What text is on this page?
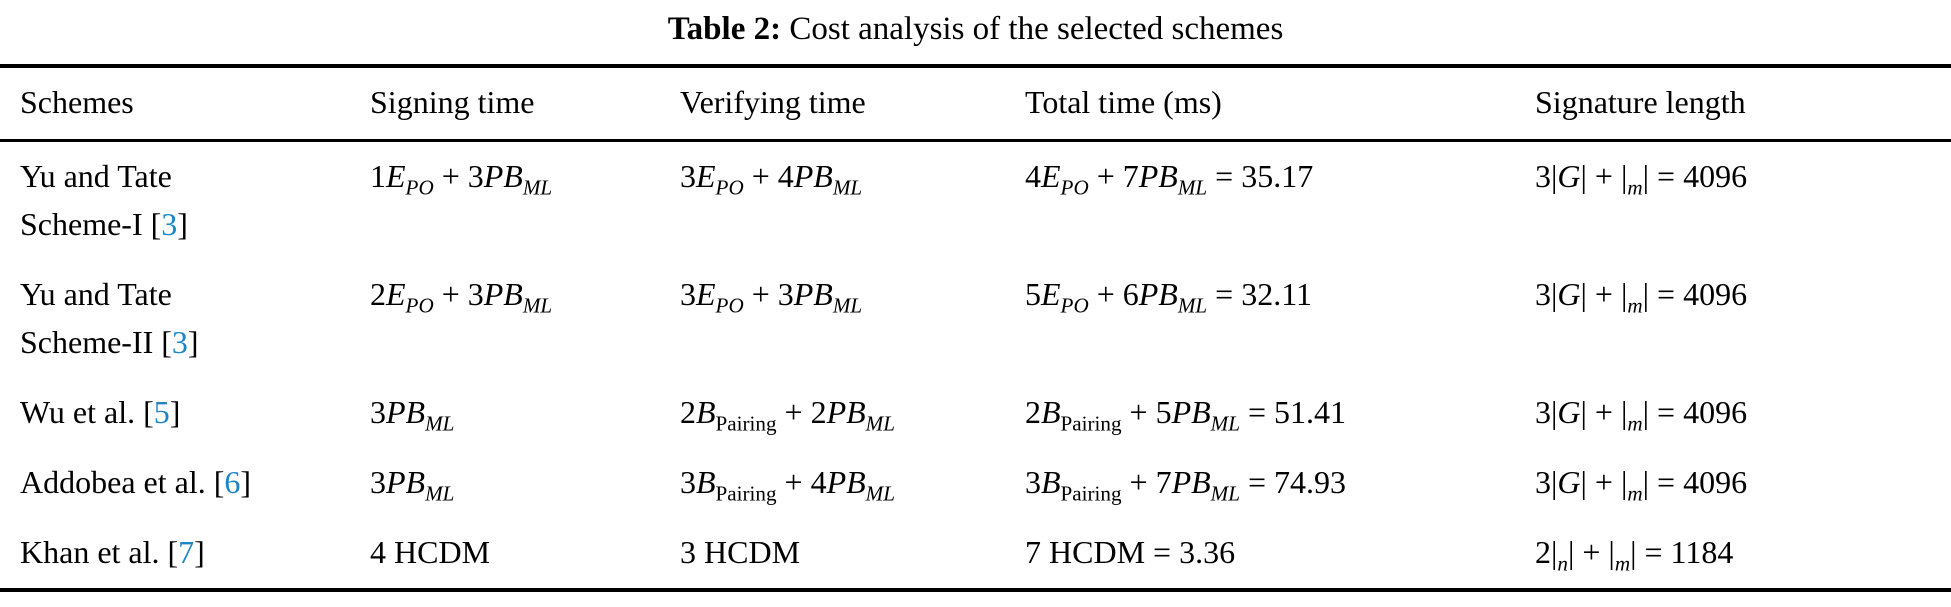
Table 2: Cost analysis of the selected schemes
Schemes	Signing time	Verifying time	Total time (ms)	Signature length
Yu and Tate
Scheme-I [3]	$1E_{PO} + 3PB_{ML}$	$3E_{PO} + 4PB_{ML}$	$4E_{PO} + 7PB_{ML} = 35.17$	$3|G| + |_m| = 4096$
Yu and Tate
Scheme-II [3]	$2E_{PO} + 3PB_{ML}$	$3E_{PO} + 3PB_{ML}$	$5E_{PO} + 6PB_{ML} = 32.11$	$3|G| + |_m| = 4096$
Wu et al. [5]	$3PB_{ML}$	$2B_{Pairing} + 2PB_{ML}$	$2B_{Pairing} + 5PB_{ML} = 51.41$	$3|G| + |_m| = 4096$
Addobea et al. [6]	$3PB_{ML}$	$3B_{Pairing} + 4PB_{ML}$	$3B_{Pairing} + 7PB_{ML} = 74.93$	$3|G| + |_m| = 4096$
Khan et al. [7]	4 HCDM	3 HCDM	7 HCDM = 3.36	$2|_n| + |_m| = 1184$
